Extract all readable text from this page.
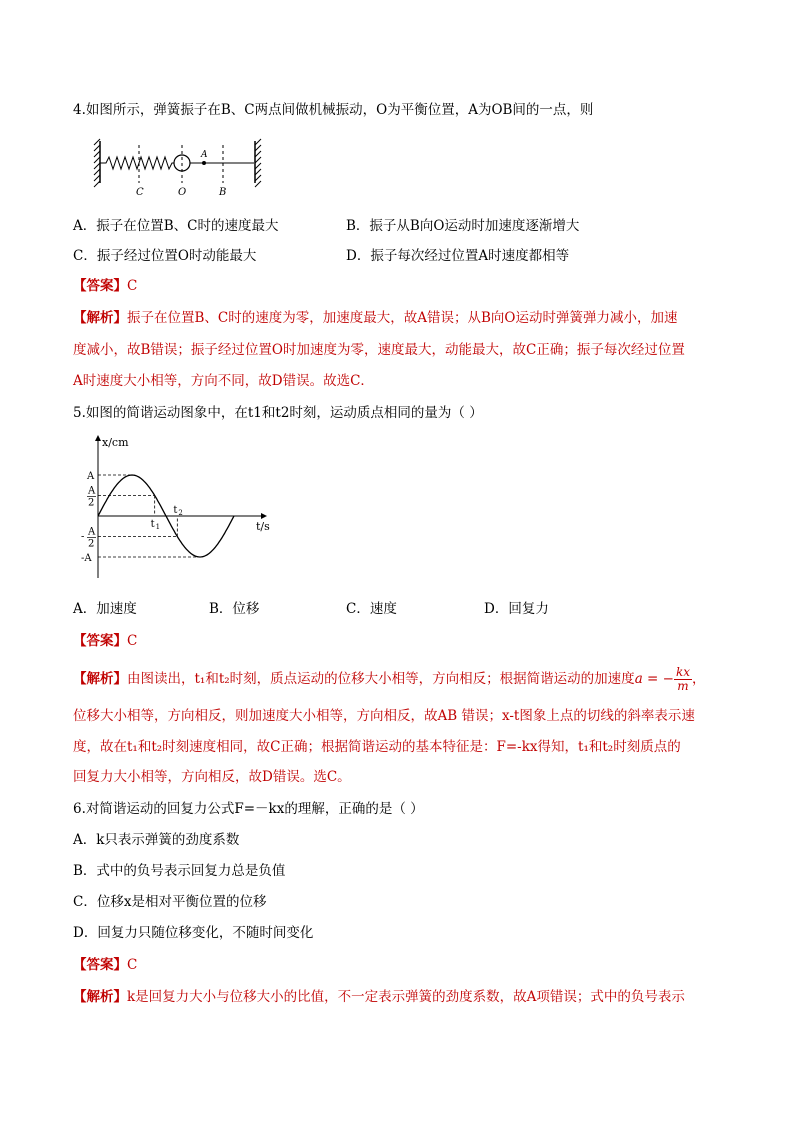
4.如图所示，弹簧振子在B、C两点间做机械振动，O为平衡位置，A为OB间的一点，则
A
C	O	B
A．振子在位置B、C时的速度最大	B．振子从B向O运动时加速度逐渐增大
C．振子经过位置O时动能最大	D．振子每次经过位置A时速度都相等
【答案】C
【解析】振子在位置B、C时的速度为零，加速度最大，故A错误；从B向O运动时弹簧弹力减小，加速
度减小，故B错误；振子经过位置O时加速度为零，速度最大，动能最大，故C正确；振子每次经过位置
A时速度大小相等，方向不同，故D错误。故选C．
5.如图的简谐运动图象中，在t1和t2时刻，运动质点相同的量为（ ）
x/cm
t/s
A
A
2
- A
2
-A
t 1
t 2
A．加速度	B．位移	C．速度	D．回复力
【答案】C
【解析】由图读出，t₁和t₂时刻，质点运动的位移大小相等，方向相反；根据简谐运动的加速度a = − $\frac{kx}{m}$ ，
位移大小相等，方向相反，则加速度大小相等，方向相反，故AB 错误；x-t图象上点的切线的斜率表示速
度，故在t₁和t₂时刻速度相同，故C正确；根据简谐运动的基本特征是：F=-kx得知，t₁和t₂时刻质点的
回复力大小相等，方向相反，故D错误。选C。
6.对简谐运动的回复力公式F=－kx的理解，正确的是（ ）
A．k只表示弹簧的劲度系数
B．式中的负号表示回复力总是负值
C．位移x是相对平衡位置的位移
D．回复力只随位移变化，不随时间变化
【答案】C
【解析】k是回复力大小与位移大小的比值，不一定表示弹簧的劲度系数，故A项错误；式中的负号表示
